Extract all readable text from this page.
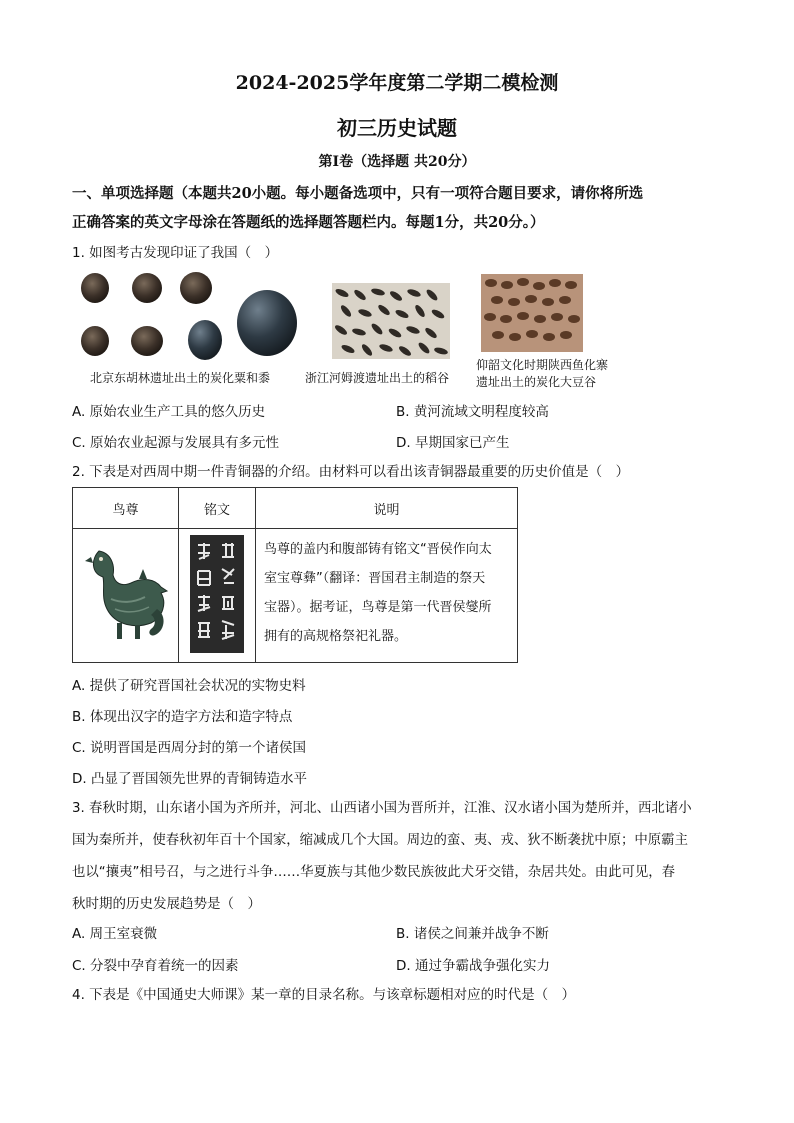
2024-2025学年度第二学期二模检测
初三历史试题
第Ⅰ卷（选择题 共20分）
一、单项选择题（本题共20小题。每小题备选项中，只有一项符合题目要求，请你将所选
正确答案的英文字母涂在答题纸的选择题答题栏内。每题1分，共20分。）
1. 如图考古发现印证了我国（　）
北京东胡林遗址出土的炭化粟和黍	浙江河姆渡遗址出土的稻谷
仰韶文化时期陕西鱼化寨
遗址出土的炭化大豆谷
A. 原始农业生产工具的悠久历史	B. 黄河流域文明程度较高
C. 原始农业起源与发展具有多元性	D. 早期国家已产生
2. 下表是对西周中期一件青铜器的介绍。由材料可以看出该青铜器最重要的历史价值是（　）
鸟尊	铭文	说明

鸟尊的盖内和腹部铸有铭文“晋侯作向太
室宝尊彝”（翻译：晋国君主制造的祭天
宝器）。据考证，鸟尊是第一代晋侯燮所
拥有的高规格祭祀礼器。
A. 提供了研究晋国社会状况的实物史料
B. 体现出汉字的造字方法和造字特点
C. 说明晋国是西周分封的第一个诸侯国
D. 凸显了晋国领先世界的青铜铸造水平
3. 春秋时期，山东诸小国为齐所并，河北、山西诸小国为晋所并，江淮、汉水诸小国为楚所并，西北诸小
国为秦所并，使春秋初年百十个国家，缩减成几个大国。周边的蛮、夷、戎、狄不断袭扰中原；中原霸主
也以“攘夷”相号召，与之进行斗争……华夏族与其他少数民族彼此犬牙交错，杂居共处。由此可见，春
秋时期的历史发展趋势是（　）
A. 周王室衰微	B. 诸侯之间兼并战争不断
C. 分裂中孕育着统一的因素	D. 通过争霸战争强化实力
4. 下表是《中国通史大师课》某一章的目录名称。与该章标题相对应的时代是（　）
